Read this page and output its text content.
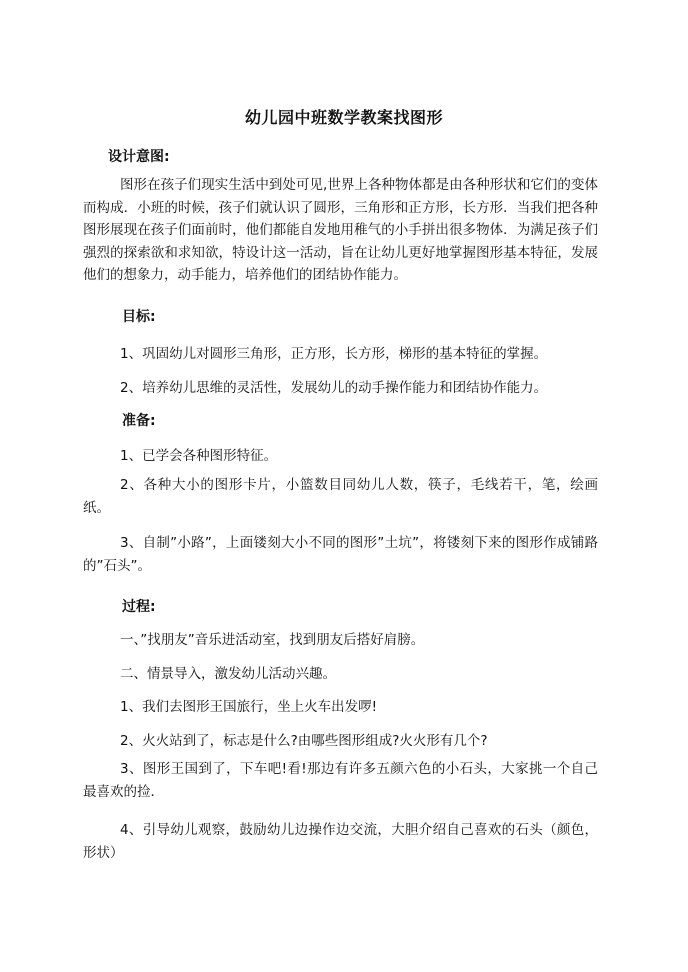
幼儿园中班数学教案找图形
设计意图:
图形在孩子们现实生活中到处可见,世界上各种物体都是由各种形状和它们的变体而构成．小班的时候，孩子们就认识了圆形，三角形和正方形，长方形．当我们把各种图形展现在孩子们面前时，他们都能自发地用稚气的小手拼出很多物体．为满足孩子们强烈的探索欲和求知欲，特设计这一活动，旨在让幼儿更好地掌握图形基本特征，发展他们的想象力，动手能力，培养他们的团结协作能力。
目标:
1、巩固幼儿对圆形三角形，正方形，长方形，梯形的基本特征的掌握。
2、培养幼儿思维的灵活性，发展幼儿的动手操作能力和团结协作能力。
准备:
1、已学会各种图形特征。
2、各种大小的图形卡片，小篮数目同幼儿人数，筷子，毛线若干，笔，绘画纸。
3、自制”小路”，上面镂刻大小不同的图形”土坑”，将镂刻下来的图形作成铺路的”石头”。
过程:
一、”找朋友”音乐进活动室，找到朋友后搭好肩膀。
二、情景导入，激发幼儿活动兴趣。
1、我们去图形王国旅行，坐上火车出发啰!
2、火火站到了，标志是什么?由哪些图形组成?火火形有几个?
3、图形王国到了，下车吧!看!那边有许多五颜六色的小石头，大家挑一个自己最喜欢的捡．
4、引导幼儿观察，鼓励幼儿边操作边交流，大胆介绍自己喜欢的石头（颜色，形状）
